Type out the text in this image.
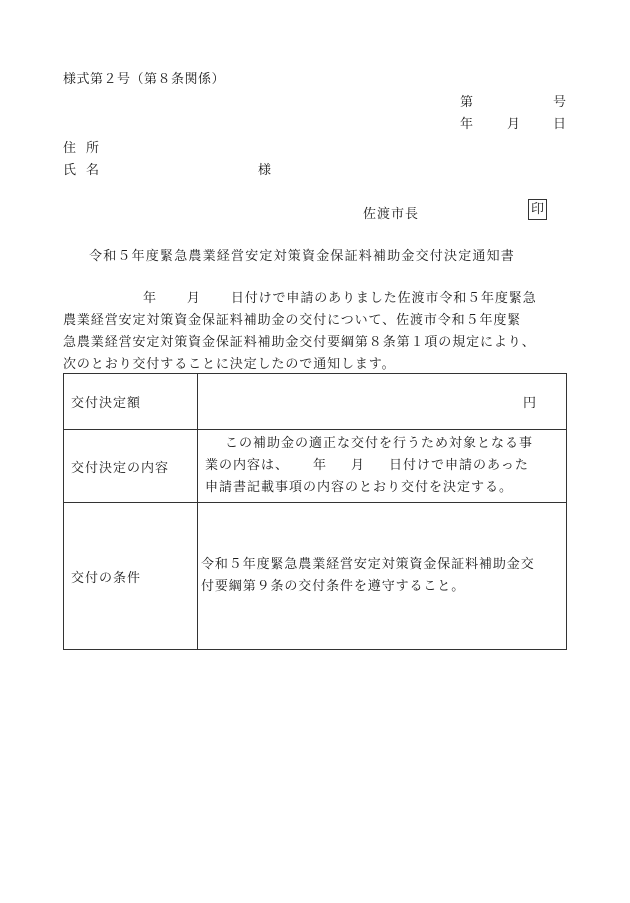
様式第２号（第８条関係）
第	号
年	月	日
住所
氏名	様
佐渡市長	印
令和５年度緊急農業経営安定対策資金保証料補助金交付決定通知書
年 月 日付けで申請のありました佐渡市令和５年度緊急
農業経営安定対策資金保証料補助金の交付について、佐渡市令和５年度緊
急農業経営安定対策資金保証料補助金交付要綱第８条第１項の規定により、
次のとおり交付することに決定したので通知します。
交付決定額	円
交付決定の内容	この補助金の適正な交付を行うため対象となる事
業の内容は、 年 月 日付けで申請のあった
申請書記載事項の内容のとおり交付を決定する。

交付の条件	令和５年度緊急農業経営安定対策資金保証料補助金交
付要綱第９条の交付条件を遵守すること。
